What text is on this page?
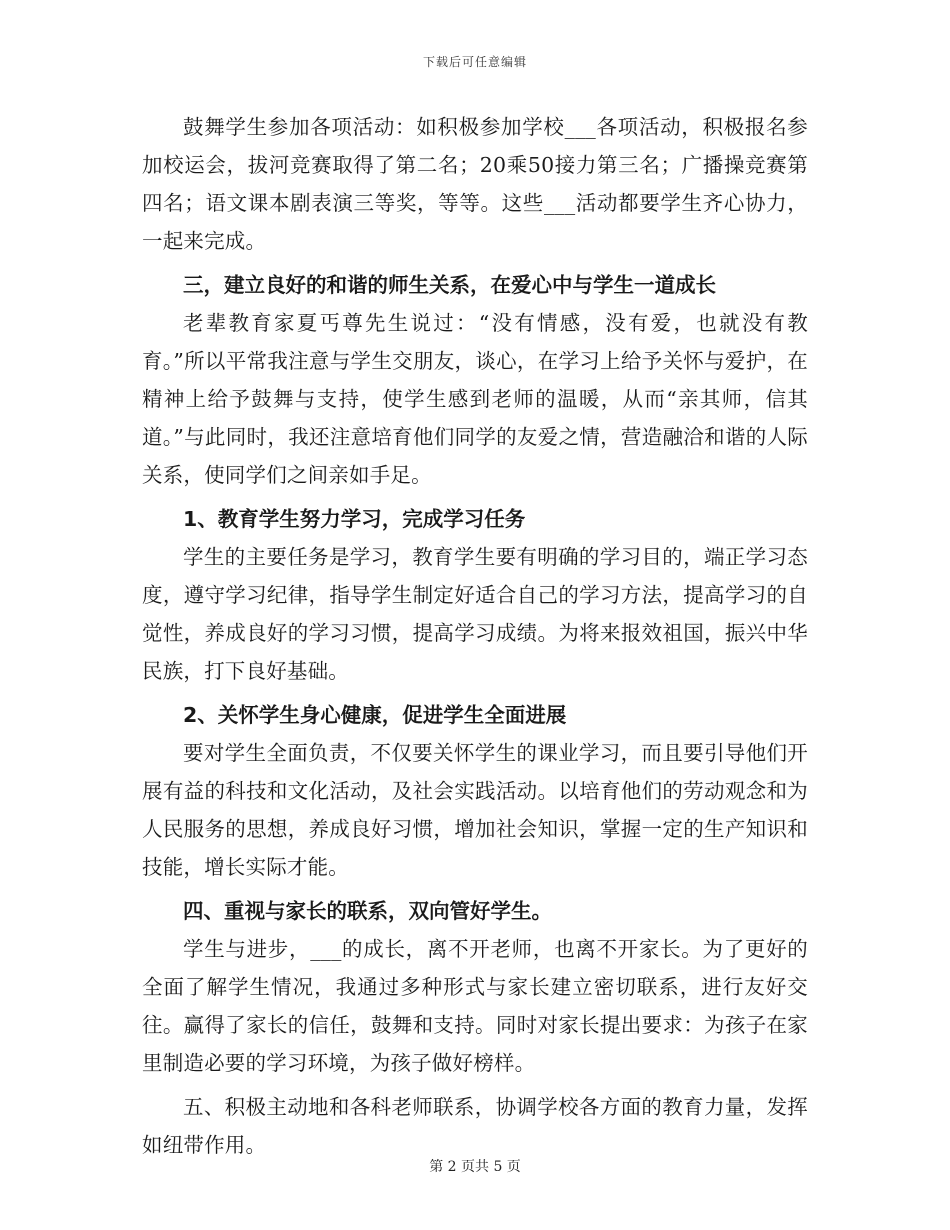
下载后可任意编辑

鼓舞学生参加各项活动：如积极参加学校___各项活动，积极报名参加校运会，拔河竞赛取得了第二名；20乘50接力第三名；广播操竞赛第四名；语文课本剧表演三等奖，等等。这些___活动都要学生齐心协力，一起来完成。

三，建立良好的和谐的师生关系，在爱心中与学生一道成长

老辈教育家夏丐尊先生说过：“没有情感，没有爱，也就没有教育。”所以平常我注意与学生交朋友，谈心，在学习上给予关怀与爱护，在精神上给予鼓舞与支持，使学生感到老师的温暖，从而“亲其师，信其道。”与此同时，我还注意培育他们同学的友爱之情，营造融洽和谐的人际关系，使同学们之间亲如手足。

1、教育学生努力学习，完成学习任务

学生的主要任务是学习，教育学生要有明确的学习目的，端正学习态度，遵守学习纪律，指导学生制定好适合自己的学习方法，提高学习的自觉性，养成良好的学习习惯，提高学习成绩。为将来报效祖国，振兴中华民族，打下良好基础。

2、关怀学生身心健康，促进学生全面进展

要对学生全面负责，不仅要关怀学生的课业学习，而且要引导他们开展有益的科技和文化活动，及社会实践活动。以培育他们的劳动观念和为人民服务的思想，养成良好习惯，增加社会知识，掌握一定的生产知识和技能，增长实际才能。

四、重视与家长的联系，双向管好学生。

学生与进步，___的成长，离不开老师，也离不开家长。为了更好的全面了解学生情况，我通过多种形式与家长建立密切联系，进行友好交往。赢得了家长的信任，鼓舞和支持。同时对家长提出要求：为孩子在家里制造必要的学习环境，为孩子做好榜样。

五、积极主动地和各科老师联系，协调学校各方面的教育力量，发挥如纽带作用。

第 2 页共 5 页
